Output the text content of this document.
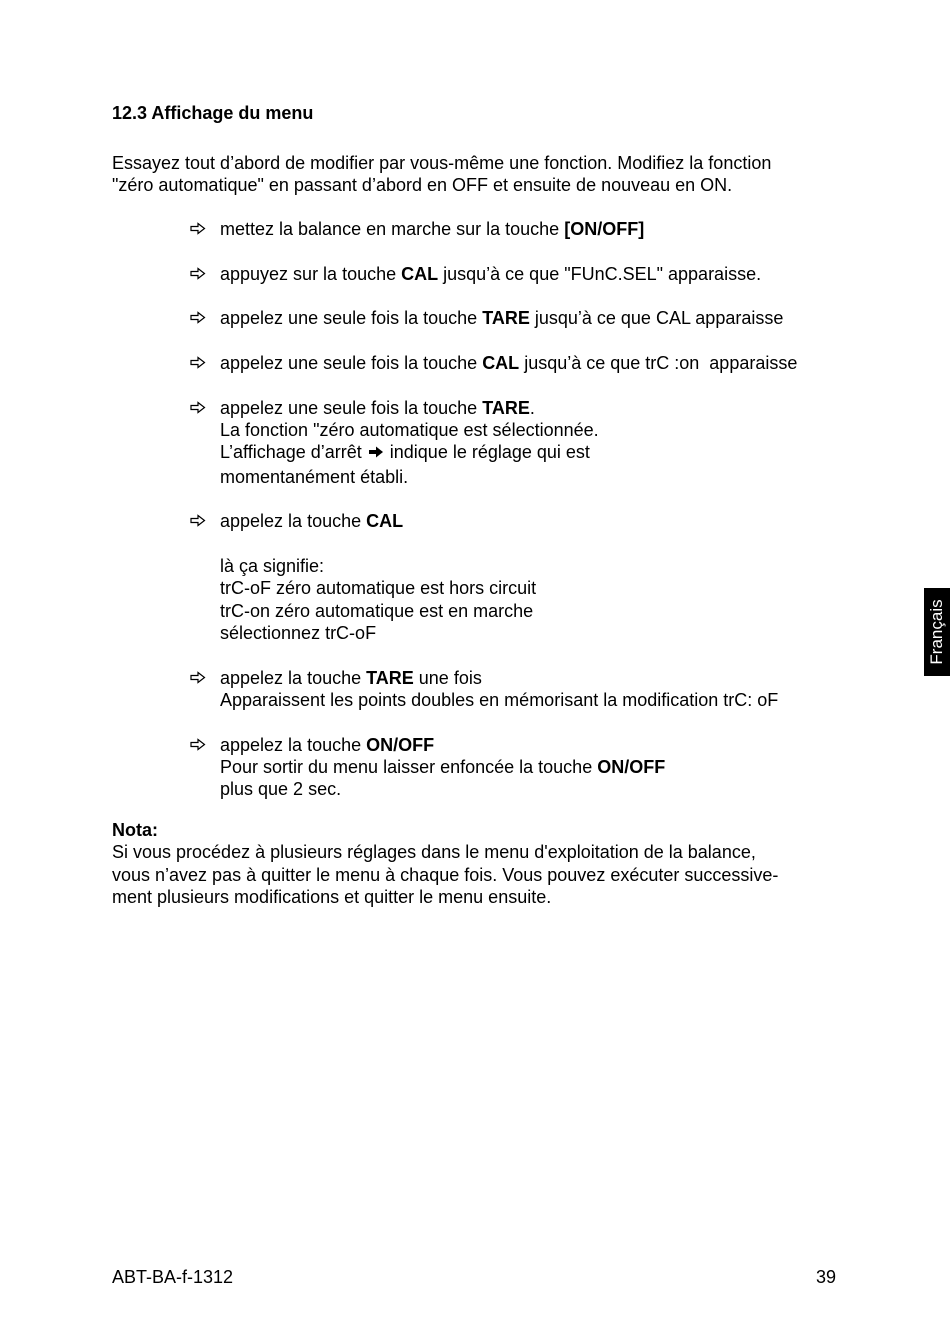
12.3 Affichage du menu

Essayez tout d’abord de modifier par vous-même une fonction. Modifiez la fonction
"zéro automatique" en passant d’abord en OFF et ensuite de nouveau en ON.

mettez la balance en marche sur la touche [ON/OFF]
appuyez sur la touche CAL jusqu’à ce que "FUnC.SEL" apparaisse.
appelez une seule fois la touche TARE jusqu’à ce que CAL apparaisse
appelez une seule fois la touche CAL jusqu’à ce que trC :on  apparaisse
appelez une seule fois la touche TARE.
La fonction "zéro automatique est sélectionnée.
L’affichage d’arrêt indique le réglage qui est
momentanément établi.
appelez la touche CAL
là ça signifie:
trC-oF zéro automatique est hors circuit
trC-on zéro automatique est en marche
sélectionnez trC-oF
appelez la touche TARE une fois
Apparaissent les points doubles en mémorisant la modification trC: oF
appelez la touche ON/OFF
Pour sortir du menu laisser enfoncée la touche ON/OFF
plus que 2 sec.

Nota:
Si vous procédez à plusieurs réglages dans le menu d'exploitation de la balance,
vous n’avez pas à quitter le menu à chaque fois. Vous pouvez exécuter successive-
ment plusieurs modifications et quitter le menu ensuite.

Français
ABT-BA-f-1312	39
